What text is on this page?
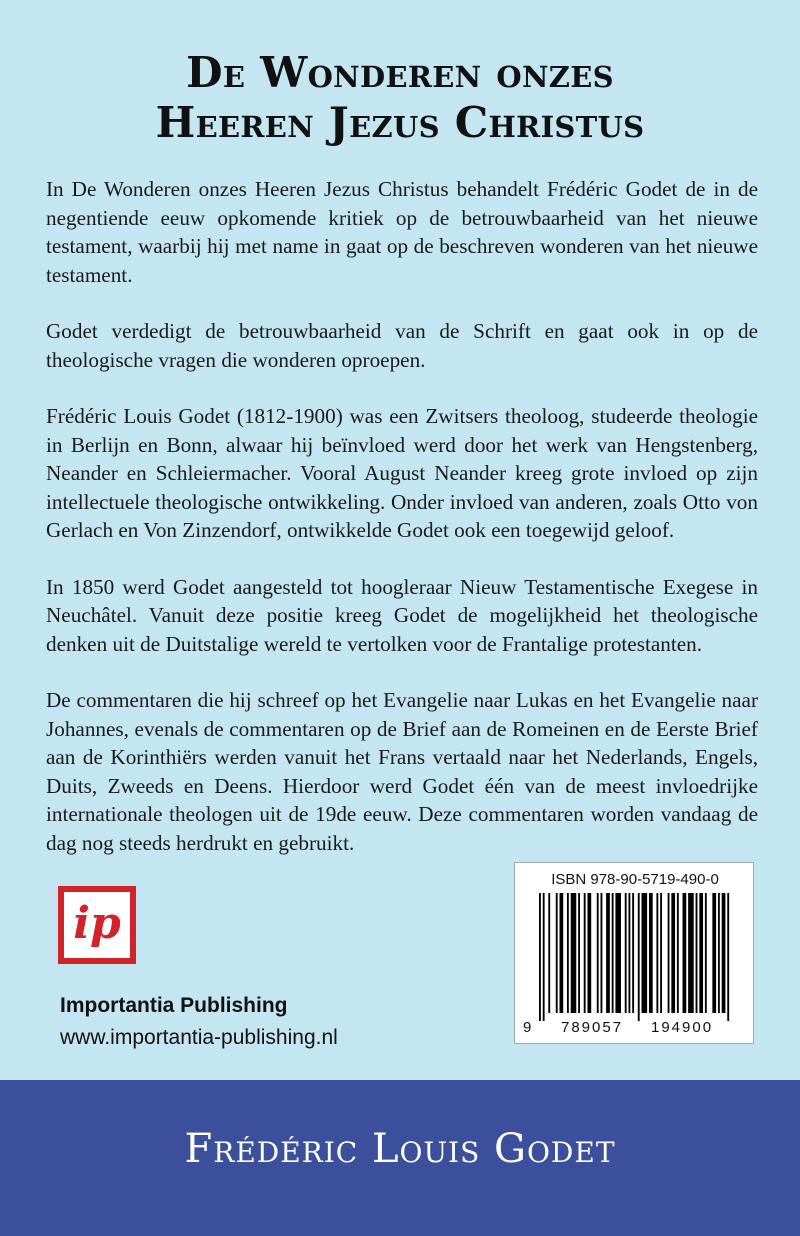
De Wonderen onzes
Heeren Jezus Christus

In De Wonderen onzes Heeren Jezus Christus behandelt Frédéric Godet de in de negentiende eeuw opkomende kritiek op de betrouwbaarheid van het nieuwe testament, waarbij hij met name in gaat op de beschreven wonderen van het nieuwe testament.

Godet verdedigt de betrouwbaarheid van de Schrift en gaat ook in op de theologische vragen die wonderen oproepen.

Frédéric Louis Godet (1812-1900) was een Zwitsers theoloog, studeerde theologie in Berlijn en Bonn, alwaar hij beïnvloed werd door het werk van Hengstenberg, Neander en Schleiermacher. Vooral August Neander kreeg grote invloed op zijn intellectuele theologische ontwikkeling. Onder invloed van anderen, zoals Otto von Gerlach en Von Zinzendorf, ontwikkelde Godet ook een toegewijd geloof.

In 1850 werd Godet aangesteld tot hoogleraar Nieuw Testamentische Exegese in Neuchâtel. Vanuit deze positie kreeg Godet de mogelijkheid het theologische denken uit de Duitstalige wereld te vertolken voor de Frantalige protestanten.

De commentaren die hij schreef op het Evangelie naar Lukas en het Evangelie naar Johannes, evenals de commentaren op de Brief aan de Romeinen en de Eerste Brief aan de Korinthiërs werden vanuit het Frans vertaald naar het Nederlands, Engels, Duits, Zweeds en Deens. Hierdoor werd Godet één van de meest invloedrijke internationale theologen uit de 19de eeuw. Deze commentaren worden vandaag de dag nog steeds herdrukt en gebruikt.

ip
Importantia Publishing
www.importantia-publishing.nl
ISBN 978-90-5719-490-0
9 789057 194900
Frédéric Louis Godet
